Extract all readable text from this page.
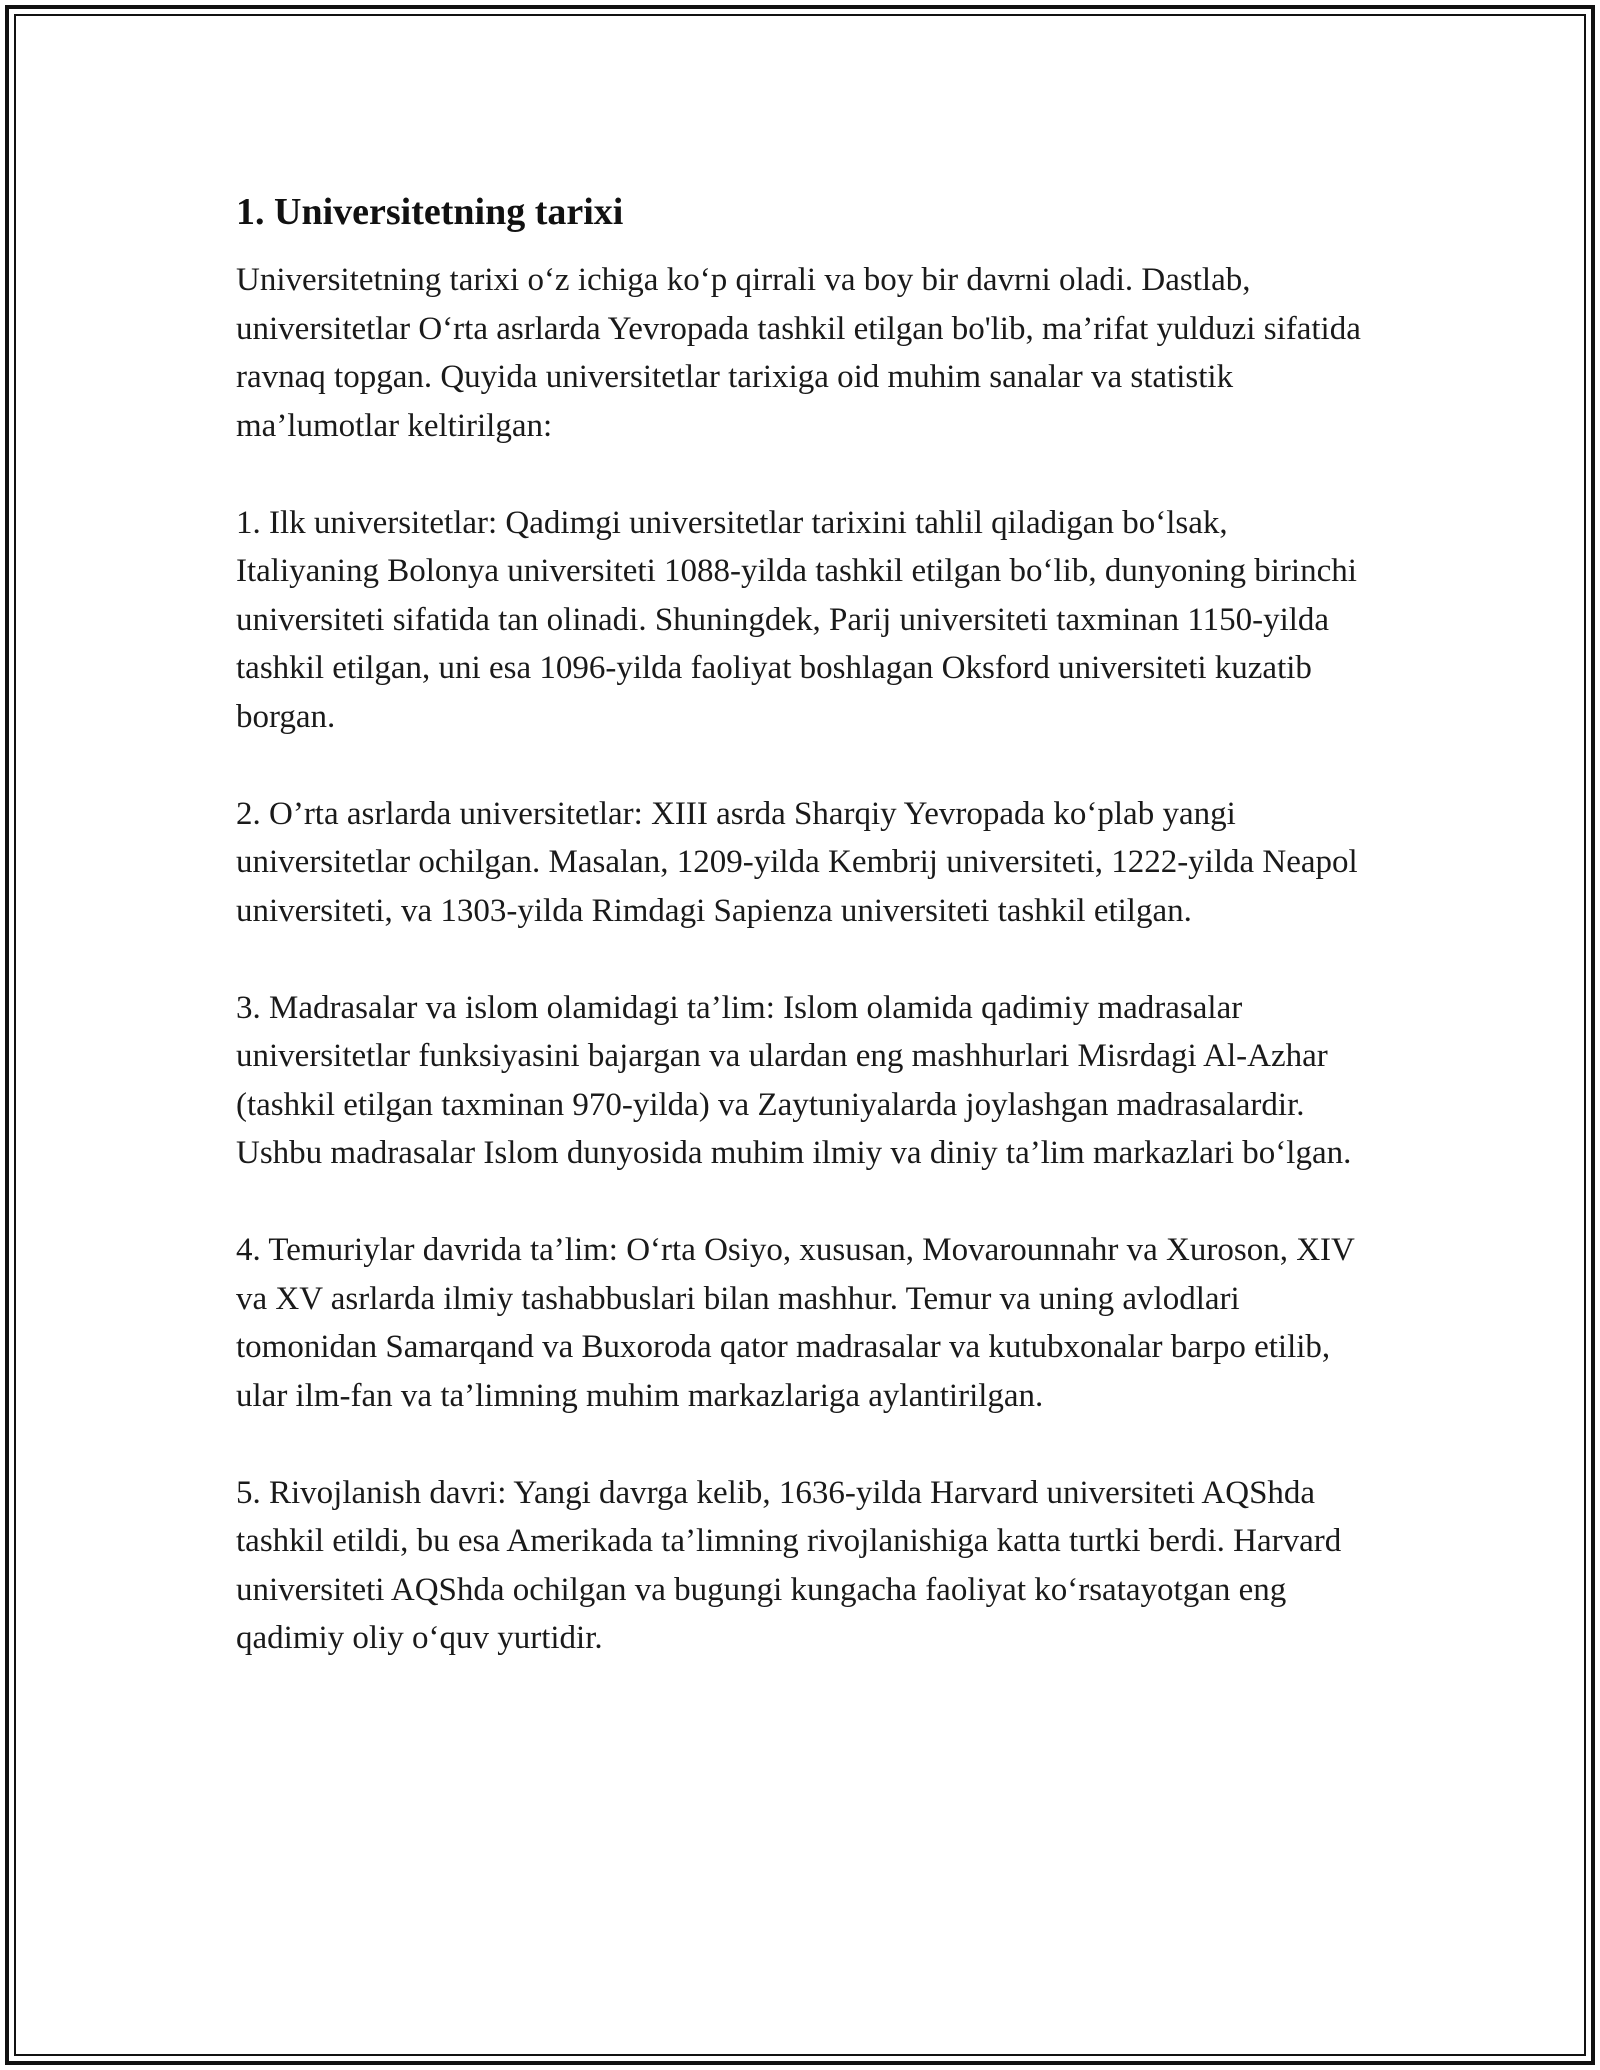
1. Universitetning tarixi

Universitetning tarixi o‘z ichiga ko‘p qirrali va boy bir davrni oladi. Dastlab, universitetlar O‘rta asrlarda Yevropada tashkil etilgan bo'lib, ma’rifat yulduzi sifatida ravnaq topgan. Quyida universitetlar tarixiga oid muhim sanalar va statistik ma’lumotlar keltirilgan:

1. Ilk universitetlar: Qadimgi universitetlar tarixini tahlil qiladigan bo‘lsak, Italiyaning Bolonya universiteti 1088-yilda tashkil etilgan bo‘lib, dunyoning birinchi universiteti sifatida tan olinadi. Shuningdek, Parij universiteti taxminan 1150-yilda tashkil etilgan, uni esa 1096-yilda faoliyat boshlagan Oksford universiteti kuzatib borgan.

2. O’rta asrlarda universitetlar: XIII asrda Sharqiy Yevropada ko‘plab yangi universitetlar ochilgan. Masalan, 1209-yilda Kembrij universiteti, 1222-yilda Neapol universiteti, va 1303-yilda Rimdagi Sapienza universiteti tashkil etilgan.

3. Madrasalar va islom olamidagi ta’lim: Islom olamida qadimiy madrasalar universitetlar funksiyasini bajargan va ulardan eng mashhurlari Misrdagi Al-Azhar (tashkil etilgan taxminan 970-yilda) va Zaytuniyalarda joylashgan madrasalardir. Ushbu madrasalar Islom dunyosida muhim ilmiy va diniy ta’lim markazlari bo‘lgan.

4. Temuriylar davrida ta’lim: O‘rta Osiyo, xususan, Movarounnahr va Xuroson, XIV va XV asrlarda ilmiy tashabbuslari bilan mashhur. Temur va uning avlodlari tomonidan Samarqand va Buxoroda qator madrasalar va kutubxonalar barpo etilib, ular ilm-fan va ta’limning muhim markazlariga aylantirilgan.

5. Rivojlanish davri: Yangi davrga kelib, 1636-yilda Harvard universiteti AQShda tashkil etildi, bu esa Amerikada ta’limning rivojlanishiga katta turtki berdi. Harvard universiteti AQShda ochilgan va bugungi kungacha faoliyat ko‘rsatayotgan eng qadimiy oliy o‘quv yurtidir.
